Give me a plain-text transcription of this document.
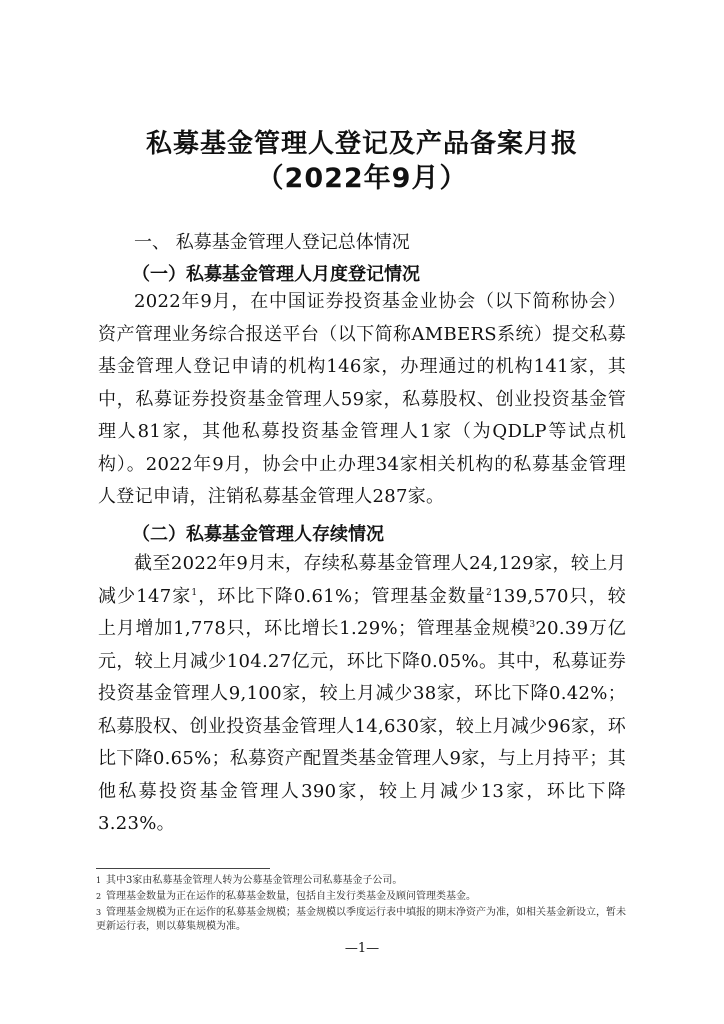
私募基金管理人登记及产品备案月报
（2022年9月）
一、 私募基金管理人登记总体情况
（一）私募基金管理人月度登记情况

2022年9月，在中国证券投资基金业协会（以下简称协会）资产管理业务综合报送平台（以下简称AMBERS系统）提交私募基金管理人登记申请的机构146家，办理通过的机构141家，其中，私募证券投资基金管理人59家，私募股权、创业投资基金管理人81家，其他私募投资基金管理人1家（为QDLP等试点机构）。2022年9月，协会中止办理34家相关机构的私募基金管理人登记申请，注销私募基金管理人287家。

（二）私募基金管理人存续情况

截至2022年9月末，存续私募基金管理人24,129家，较上月减少147家$^1$，环比下降0.61%；管理基金数量$^2$139,570只，较上月增加1,778只，环比增长1.29%；管理基金规模$^3$20.39万亿元，较上月减少104.27亿元，环比下降0.05%。其中，私募证券投资基金管理人9,100家，较上月减少38家，环比下降0.42%；私募股权、创业投资基金管理人14,630家，较上月减少96家，环比下降0.65%；私募资产配置类基金管理人9家，与上月持平；其他私募投资基金管理人390家，较上月减少13家，环比下降3.23%。

1 其中3家由私募基金管理人转为公募基金管理公司私募基金子公司。

2 管理基金数量为正在运作的私募基金数量，包括自主发行类基金及顾问管理类基金。

3 管理基金规模为正在运作的私募基金规模；基金规模以季度运行表中填报的期末净资产为准，如相关基金新设立，暂未更新运行表，则以募集规模为准。

—1—
